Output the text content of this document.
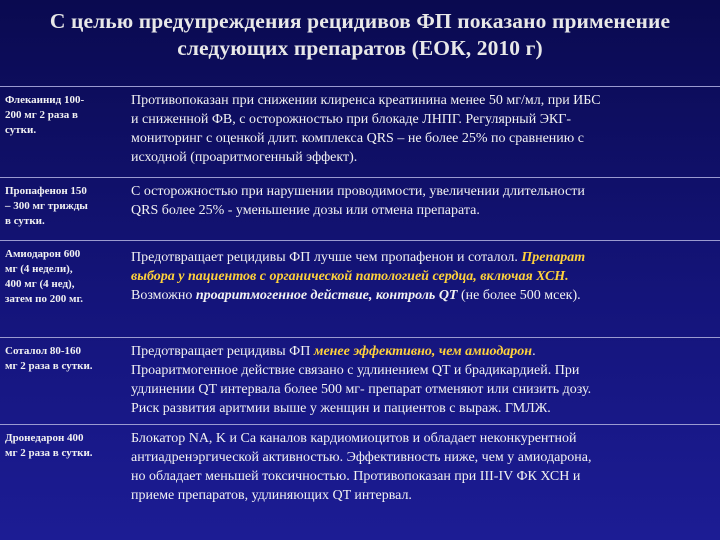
С целью предупреждения рецидивов ФП показано применение
следующих препаратов (ЕОК, 2010 г)
Флекаинид 100-
200 мг 2 раза в
сутки.
Противопоказан при снижении клиренса креатинина менее 50 мг/мл, при ИБС
и сниженной ФВ, с осторожностью при блокаде ЛНПГ. Регулярный ЭКГ-
мониторинг с оценкой длит. комплекса QRS – не более 25% по сравнению с
исходной (проаритмогенный эффект).
Пропафенон 150
– 300 мг трижды
в сутки.
С осторожностью при нарушении проводимости, увеличении длительности
QRS более 25% - уменьшение дозы или отмена препарата.
Амиодарон 600
мг (4 недели),
400 мг (4 нед),
затем по 200 мг.
Предотвращает рецидивы ФП лучше чем пропафенон и соталол. Препарат
выбора у пациентов с органической патологией сердца, включая ХСН.
Возможно проаритмогенное действие, контроль QT (не более 500 мсек).
Соталол 80-160
мг 2 раза в сутки.
Предотвращает рецидивы ФП менее эффективно, чем амиодарон.
Проаритмогенное действие связано с удлинением QT и брадикардией. При
удлинении QT интервала более 500 мг- препарат отменяют или снизить дозу.
Риск развития аритмии выше у женщин и пациентов с выраж. ГМЛЖ.
Дронедарон 400
мг 2 раза в сутки.
Блокатор NA, K и Ca каналов кардиомиоцитов и обладает неконкурентной
антиадренэргической активностью. Эффективность ниже, чем у амиодарона,
но обладает меньшей токсичностью. Противопоказан при III-IV ФК ХСН и
приеме препаратов, удлиняющих QT интервал.
